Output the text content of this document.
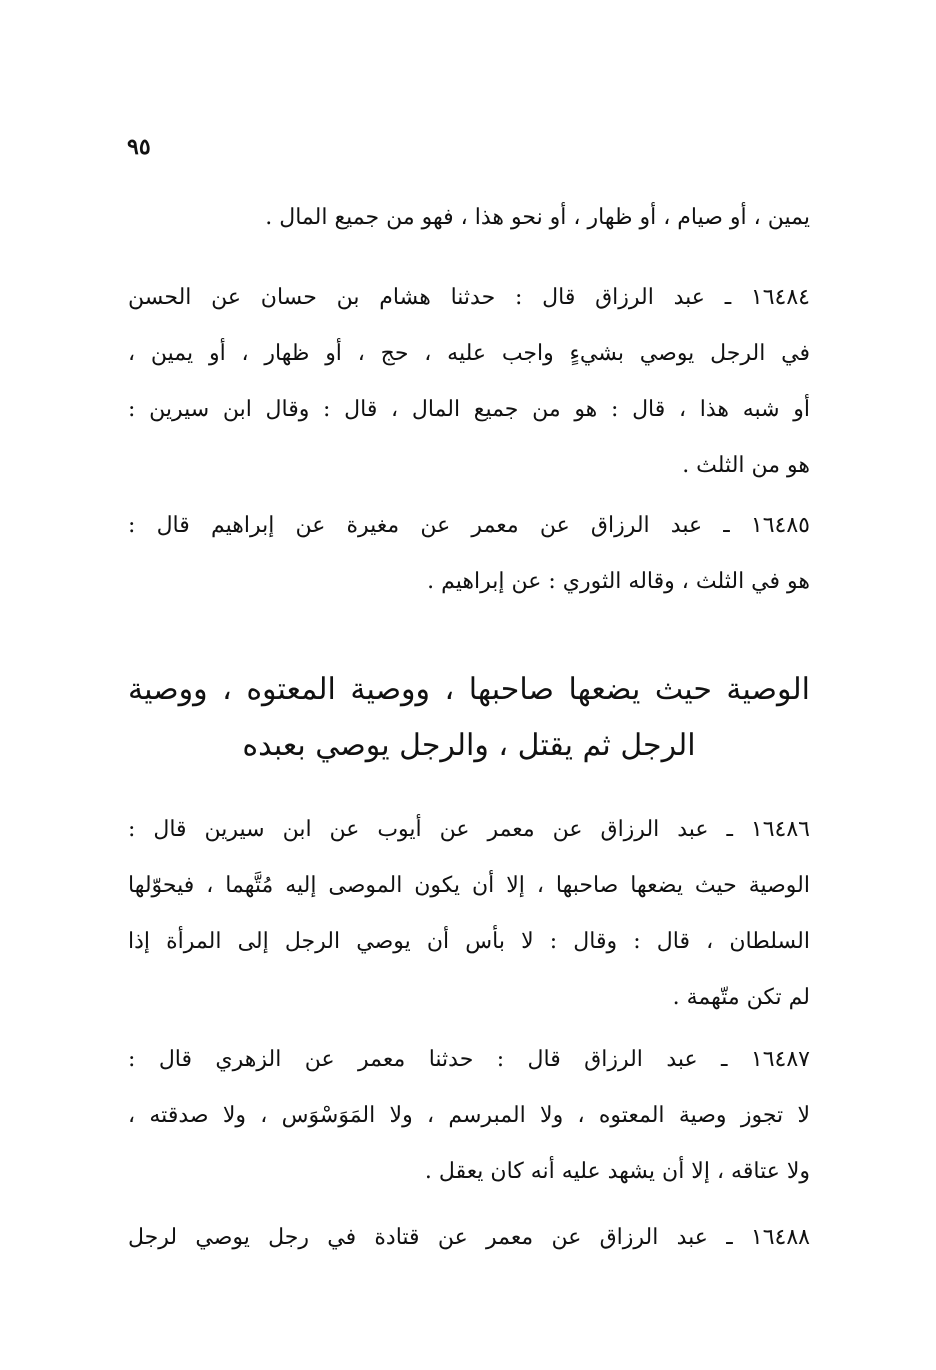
٩٥
يمين ، أو صيام ، أو ظهار ، أو نحو هذا ، فهو من جميع المال .
١٦٤٨٤ ـ عبد الرزاق قال : حدثنا هشام بن حسان عن الحسن
في الرجل يوصي بشيءٍ واجب عليه ، حج ، أو ظهار ، أو يمين ،
أو شبه هذا ، قال : هو من جميع المال ، قال : وقال ابن سيرين :
هو من الثلث .
١٦٤٨٥ ـ عبد الرزاق عن معمر عن مغيرة عن إبراهيم قال :
هو في الثلث ، وقاله الثوري : عن إبراهيم .
الوصية حيث يضعها صاحبها ، ووصية المعتوه ، ووصية
الرجل ثم يقتل ، والرجل يوصي بعبده
١٦٤٨٦ ـ عبد الرزاق عن معمر عن أيوب عن ابن سيرين قال :
الوصية حيث يضعها صاحبها ، إلا أن يكون الموصى إليه مُتَّهما ، فيحوّلها
السلطان ، قال : وقال : لا بأس أن يوصي الرجل إلى المرأة إذا
لم تكن متّهمة .
١٦٤٨٧ ـ عبد الرزاق قال : حدثنا معمر عن الزهري قال :
لا تجوز وصية المعتوه ، ولا المبرسم ، ولا المَوَسْوَس ، ولا صدقته ،
ولا عتاقه ، إلا أن يشهد عليه أنه كان يعقل .
١٦٤٨٨ ـ عبد الرزاق عن معمر عن قتادة في رجل يوصي لرجل
